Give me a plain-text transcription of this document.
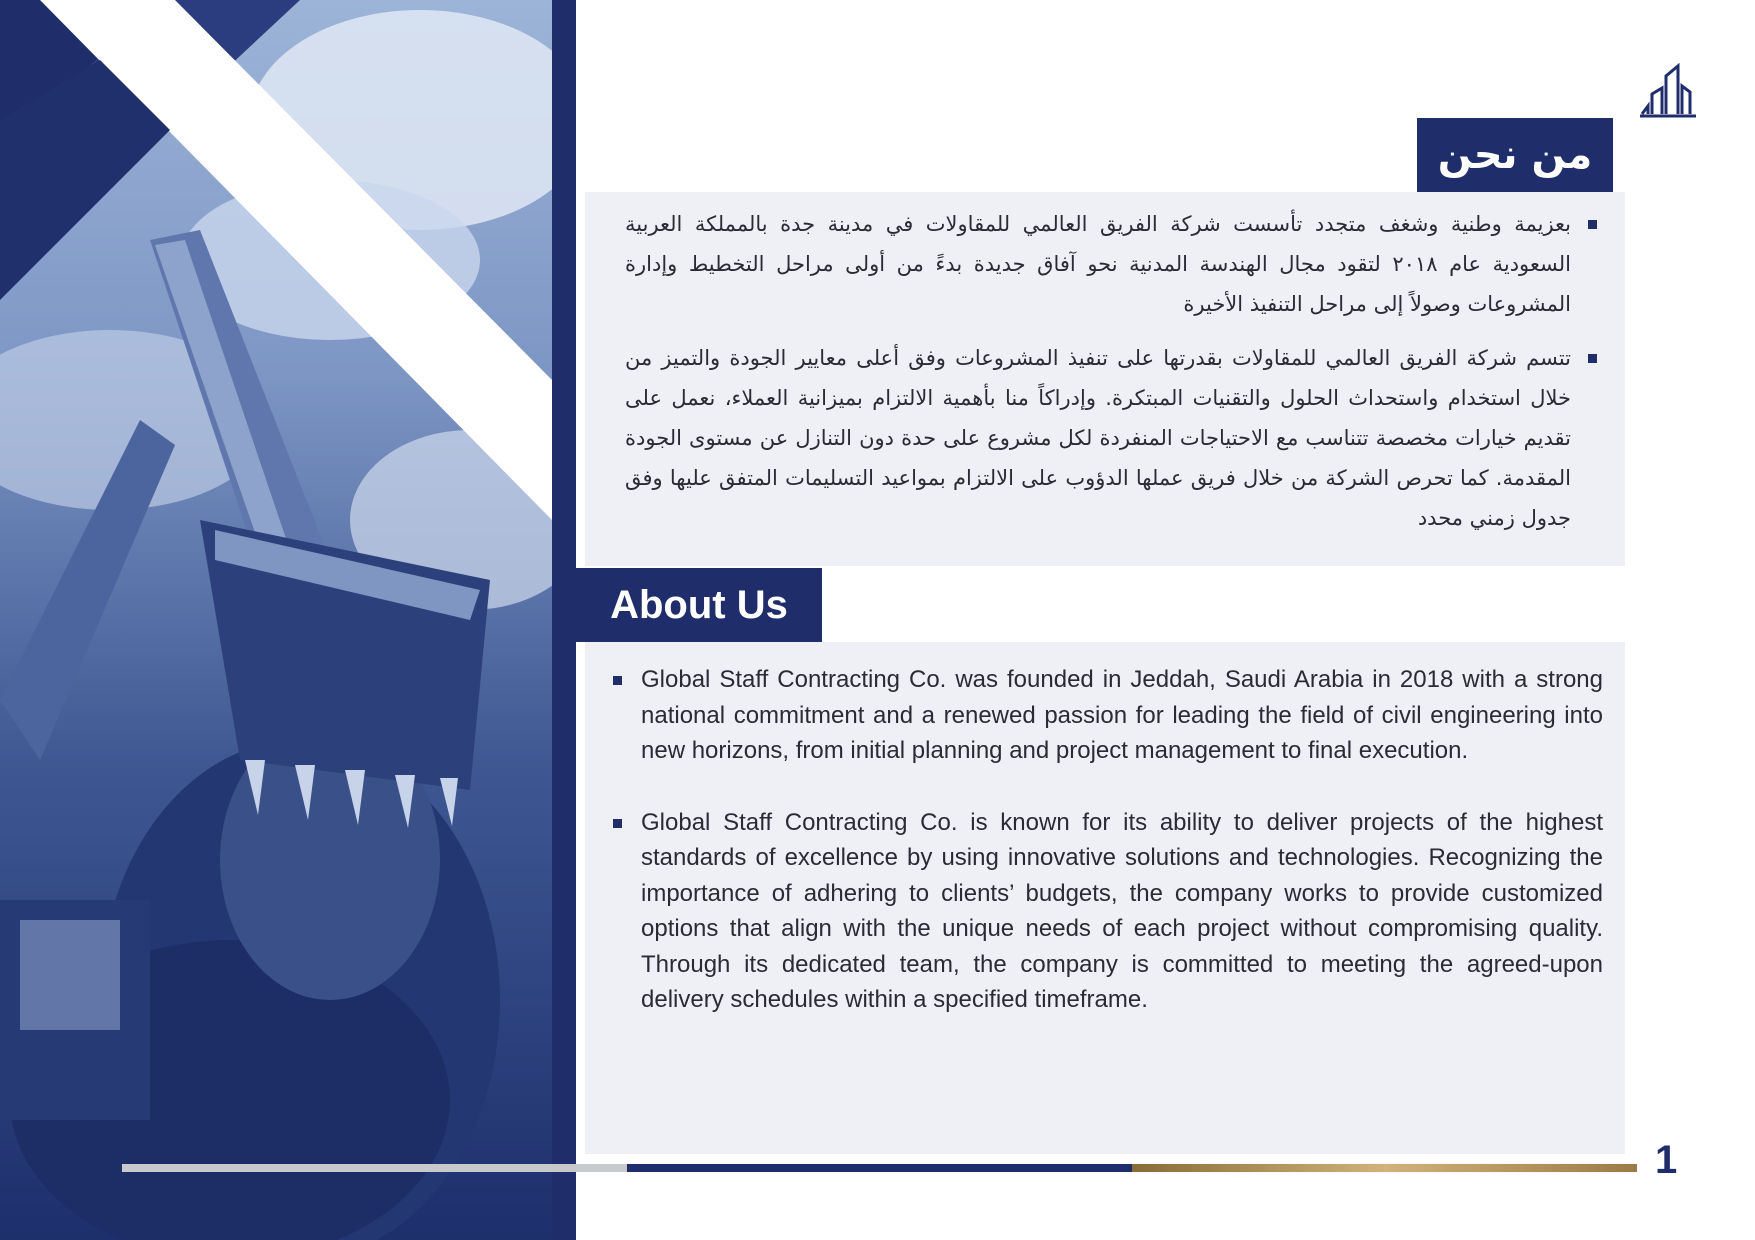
من نحن
بعزيمة وطنية وشغف متجدد تأسست شركة الفريق العالمي للمقاولات في مدينة جدة بالمملكة العربية السعودية عام ٢٠١٨ لتقود مجال الهندسة المدنية نحو آفاق جديدة بدءً من أولى مراحل التخطيط وإدارة المشروعات وصولاً إلى مراحل التنفيذ الأخيرة
تتسم شركة الفريق العالمي للمقاولات بقدرتها على تنفيذ المشروعات وفق أعلى معايير الجودة والتميز من خلال استخدام واستحداث الحلول والتقنيات المبتكرة. وإدراكاً منا بأهمية الالتزام بميزانية العملاء، نعمل على تقديم خيارات مخصصة تتناسب مع الاحتياجات المنفردة لكل مشروع على حدة دون التنازل عن مستوى الجودة المقدمة. كما تحرص الشركة من خلال فريق عملها الدؤوب على الالتزام بمواعيد التسليمات المتفق عليها وفق جدول زمني محدد
About Us
Global Staff Contracting Co. was founded in Jeddah, Saudi Arabia in 2018 with a strong national commitment and a renewed passion for leading the field of civil engineering into new horizons, from initial planning and project management to final execution.
Global Staff Contracting Co. is known for its ability to deliver projects of the highest standards of excellence by using innovative solutions and technologies. Recognizing the importance of adhering to clients’ budgets, the company works to provide customized options that align with the unique needs of each project without compromising quality. Through its dedicated team, the company is committed to meeting the agreed-upon delivery schedules within a specified timeframe.
1
